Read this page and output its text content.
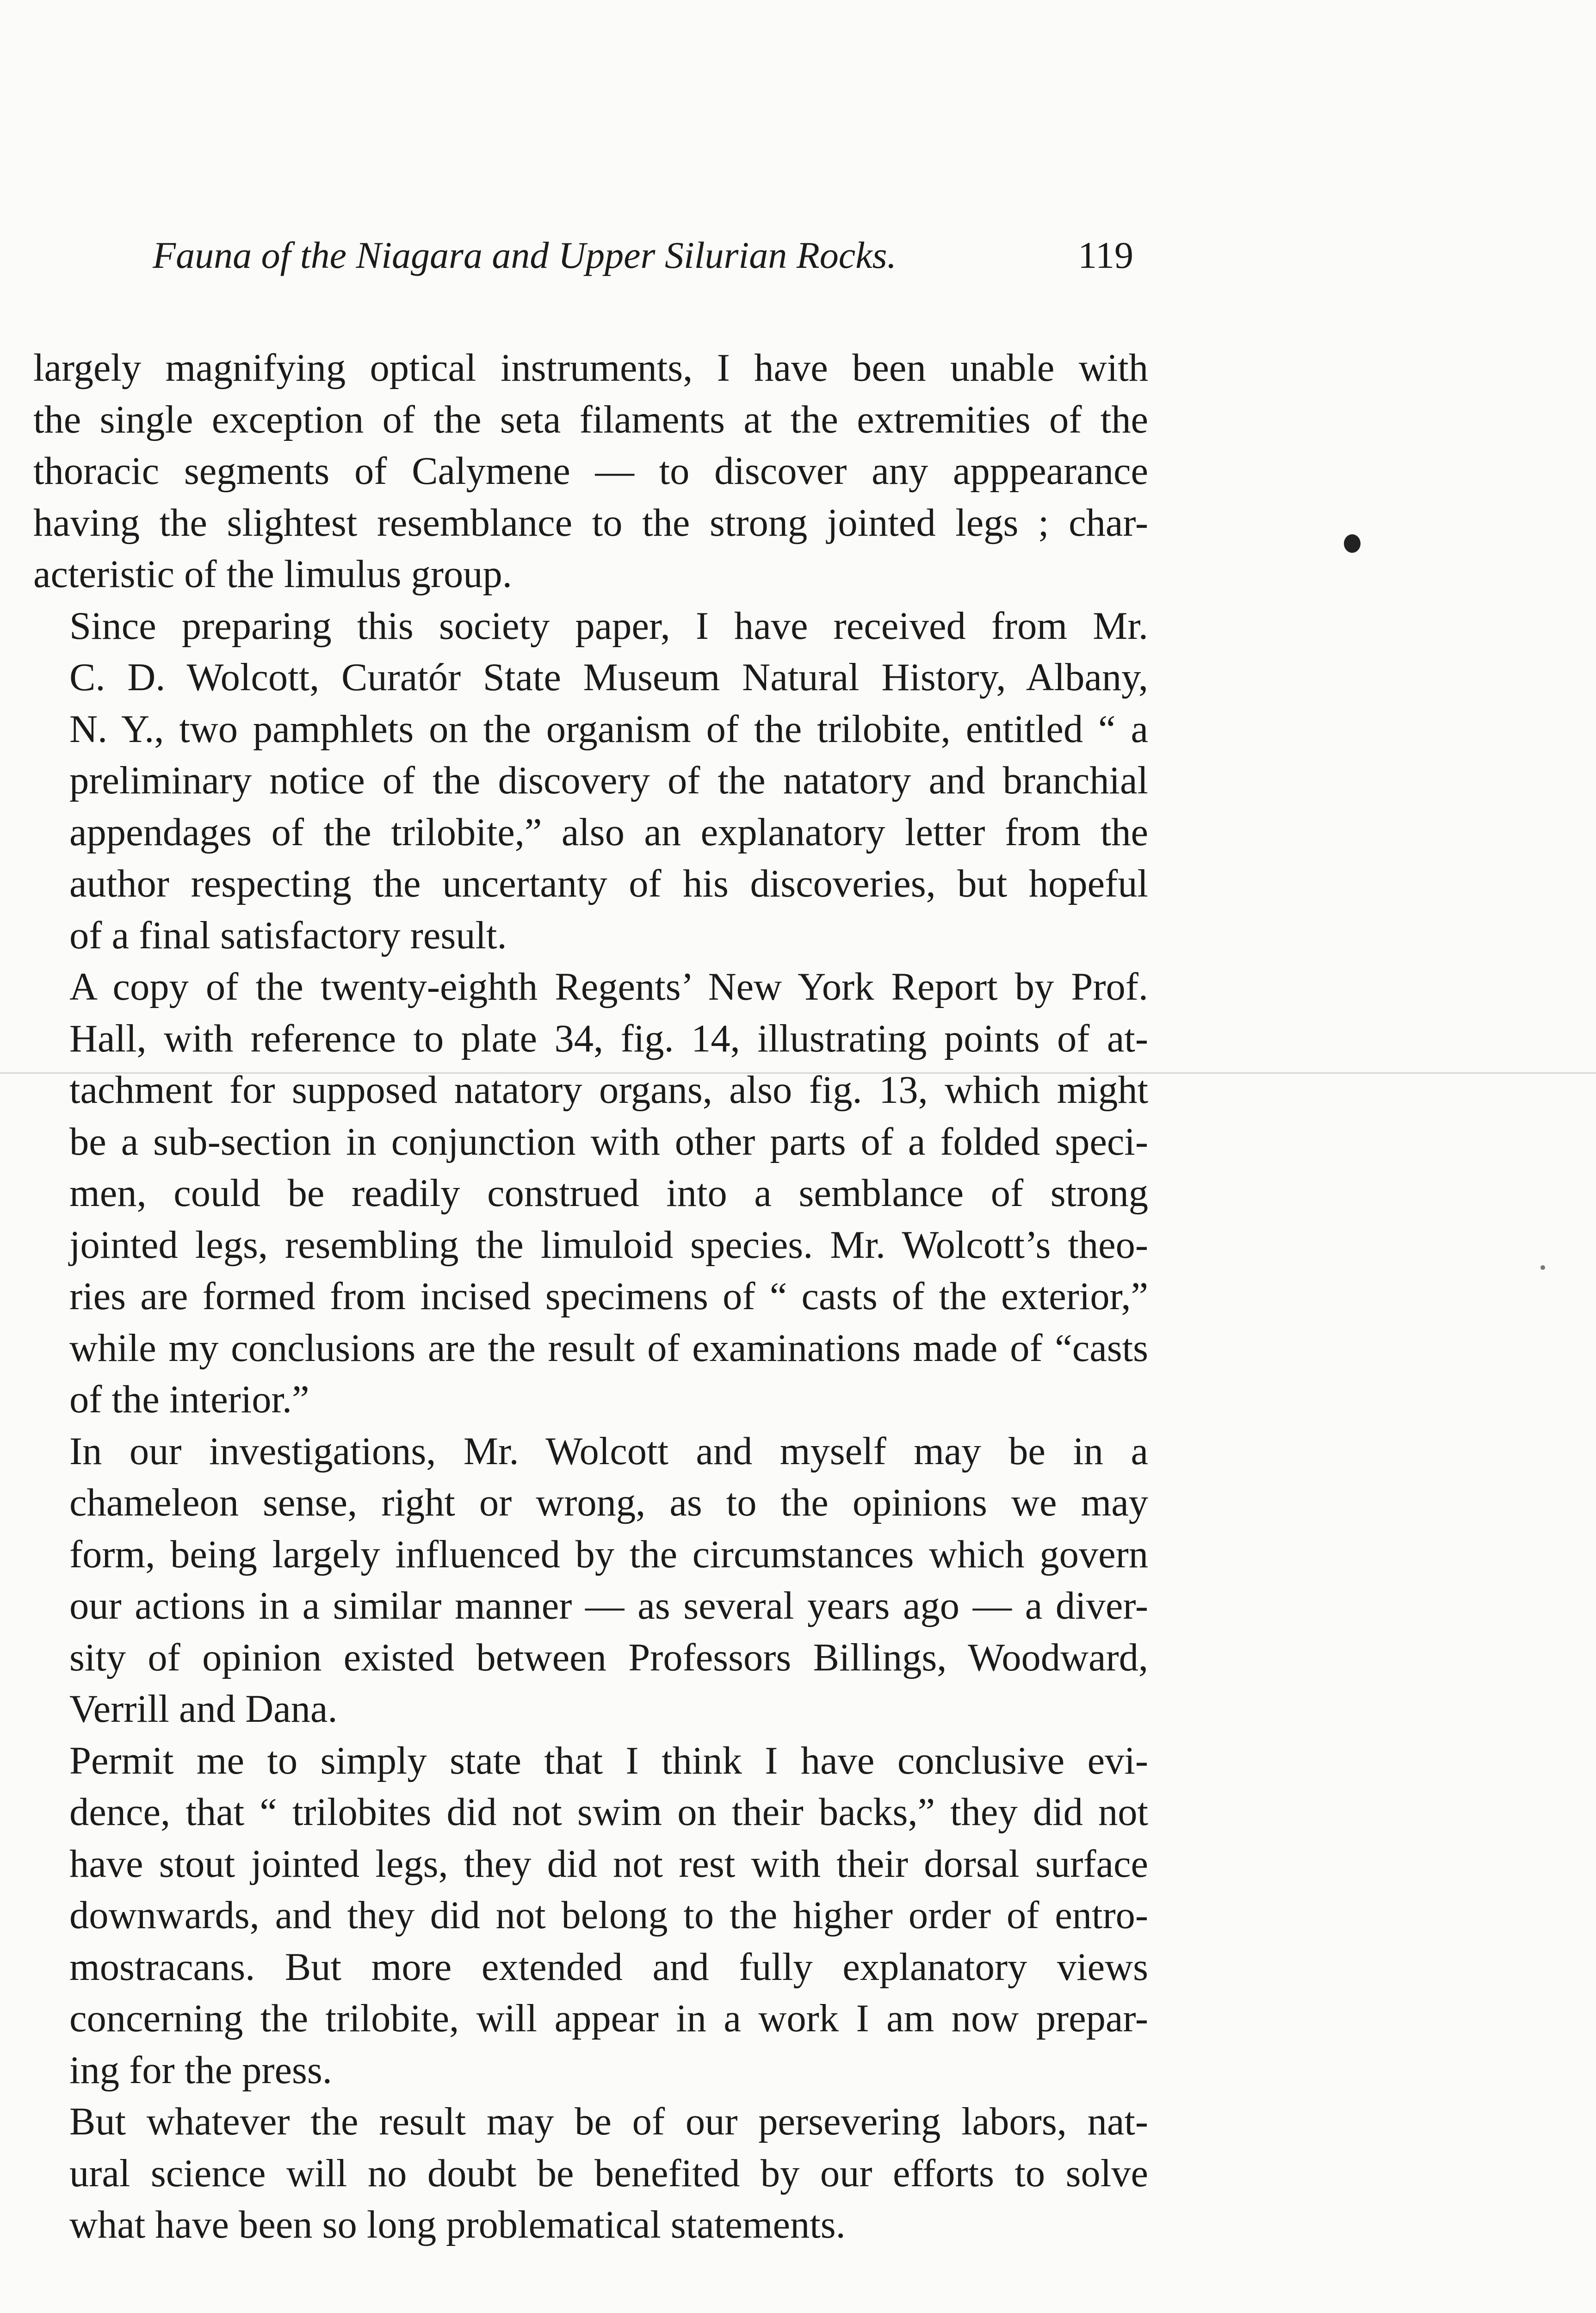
Fauna of the Niagara and Upper Silurian Rocks.	119

largely magnifying optical instruments, I have been unable with
the single exception of the seta filaments at the extremities of the
thoracic segments of Calymene — to discover any apppearance
having the slightest resemblance to the strong jointed legs ; char-
acteristic of the limulus group.

Since preparing this society paper, I have received from Mr.
C. D. Wolcott, Curatór State Museum Natural History, Albany,
N. Y., two pamphlets on the organism of the trilobite, entitled “ a
preliminary notice of the discovery of the natatory and branchial
appendages of the trilobite,” also an explanatory letter from the
author respecting the uncertanty of his discoveries, but hopeful
of a final satisfactory result.

A copy of the twenty-eighth Regents’ New York Report by Prof.
Hall, with reference to plate 34, fig. 14, illustrating points of at-
tachment for supposed natatory organs, also fig. 13, which might
be a sub-section in conjunction with other parts of a folded speci-
men, could be readily construed into a semblance of strong
jointed legs, resembling the limuloid species. Mr. Wolcott’s theo-
ries are formed from incised specimens of “ casts of the exterior,”
while my conclusions are the result of examinations made of “casts
of the interior.”

In our investigations, Mr. Wolcott and myself may be in a
chameleon sense, right or wrong, as to the opinions we may
form, being largely influenced by the circumstances which govern
our actions in a similar manner — as several years ago — a diver-
sity of opinion existed between Professors Billings, Woodward,
Verrill and Dana.

Permit me to simply state that I think I have conclusive evi-
dence, that “ trilobites did not swim on their backs,” they did not
have stout jointed legs, they did not rest with their dorsal surface
downwards, and they did not belong to the higher order of entro-
mostracans. But more extended and fully explanatory views
concerning the trilobite, will appear in a work I am now prepar-
ing for the press.

But whatever the result may be of our persevering labors, nat-
ural science will no doubt be benefited by our efforts to solve
what have been so long problematical statements.
